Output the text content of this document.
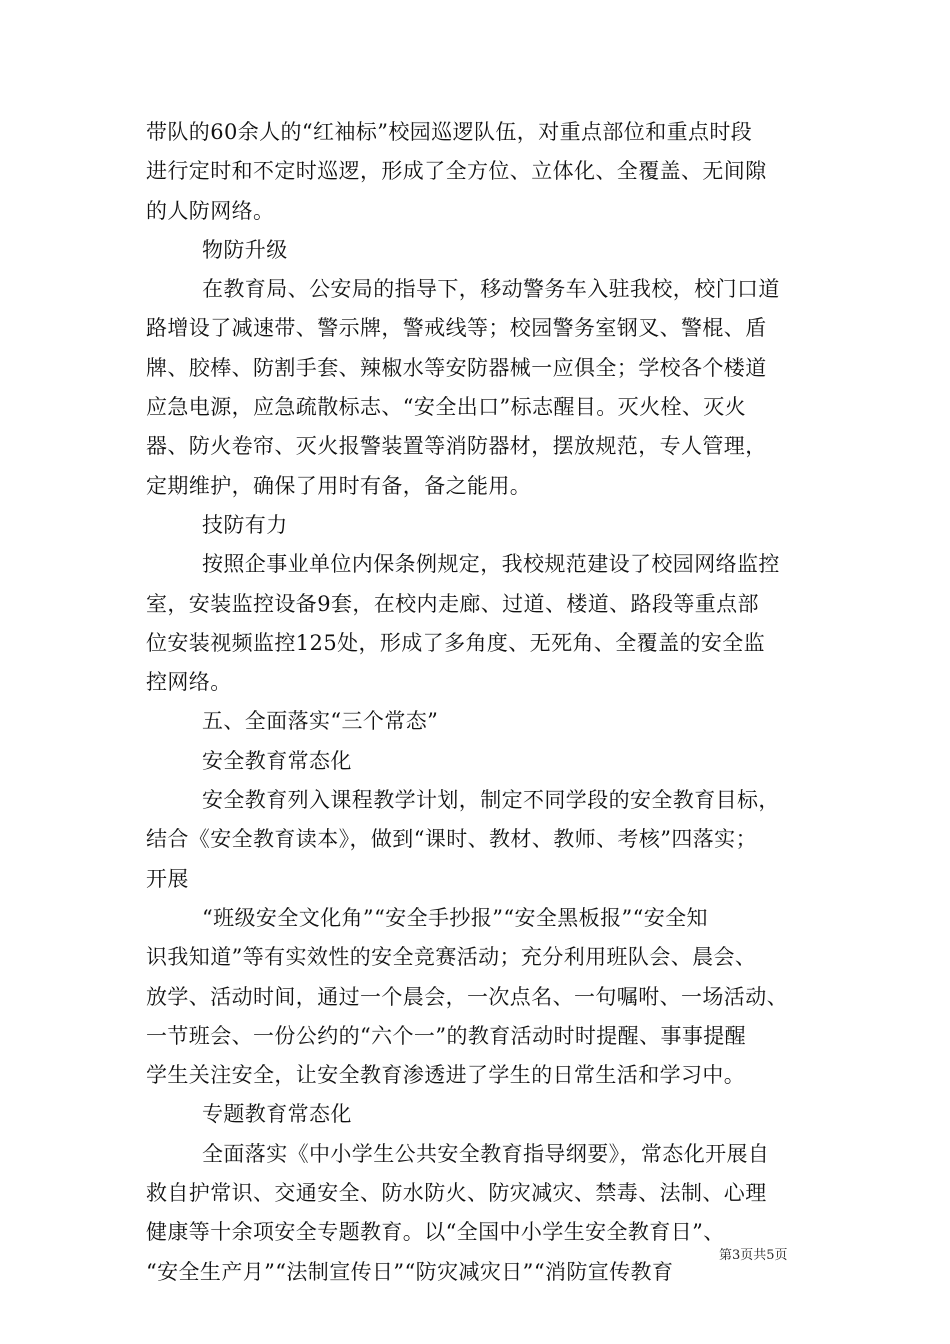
带队的60余人的“红袖标”校园巡逻队伍，对重点部位和重点时段
进行定时和不定时巡逻，形成了全方位、立体化、全覆盖、无间隙
的人防网络。
物防升级
在教育局、公安局的指导下，移动警务车入驻我校，校门口道
路增设了减速带、警示牌，警戒线等；校园警务室钢叉、警棍、盾
牌、胶棒、防割手套、辣椒水等安防器械一应俱全；学校各个楼道
应急电源，应急疏散标志、“安全出口”标志醒目。灭火栓、灭火
器、防火卷帘、灭火报警装置等消防器材，摆放规范，专人管理，
定期维护，确保了用时有备，备之能用。
技防有力
按照企事业单位内保条例规定，我校规范建设了校园网络监控
室，安装监控设备9套，在校内走廊、过道、楼道、路段等重点部
位安装视频监控125处，形成了多角度、无死角、全覆盖的安全监
控网络。
五、全面落实“三个常态”
安全教育常态化
安全教育列入课程教学计划，制定不同学段的安全教育目标，
结合《安全教育读本》，做到“课时、教材、教师、考核”四落实；
开展
“班级安全文化角”“安全手抄报”“安全黑板报”“安全知
识我知道”等有实效性的安全竞赛活动；充分利用班队会、晨会、
放学、活动时间，通过一个晨会，一次点名、一句嘱咐、一场活动、
一节班会、一份公约的“六个一”的教育活动时时提醒、事事提醒
学生关注安全，让安全教育渗透进了学生的日常生活和学习中。
专题教育常态化
全面落实《中小学生公共安全教育指导纲要》，常态化开展自
救自护常识、交通安全、防水防火、防灾减灾、禁毒、法制、心理
健康等十余项安全专题教育。以“全国中小学生安全教育日”、
“安全生产月”“法制宣传日”“防灾减灾日”“消防宣传教育
第3页共5页
